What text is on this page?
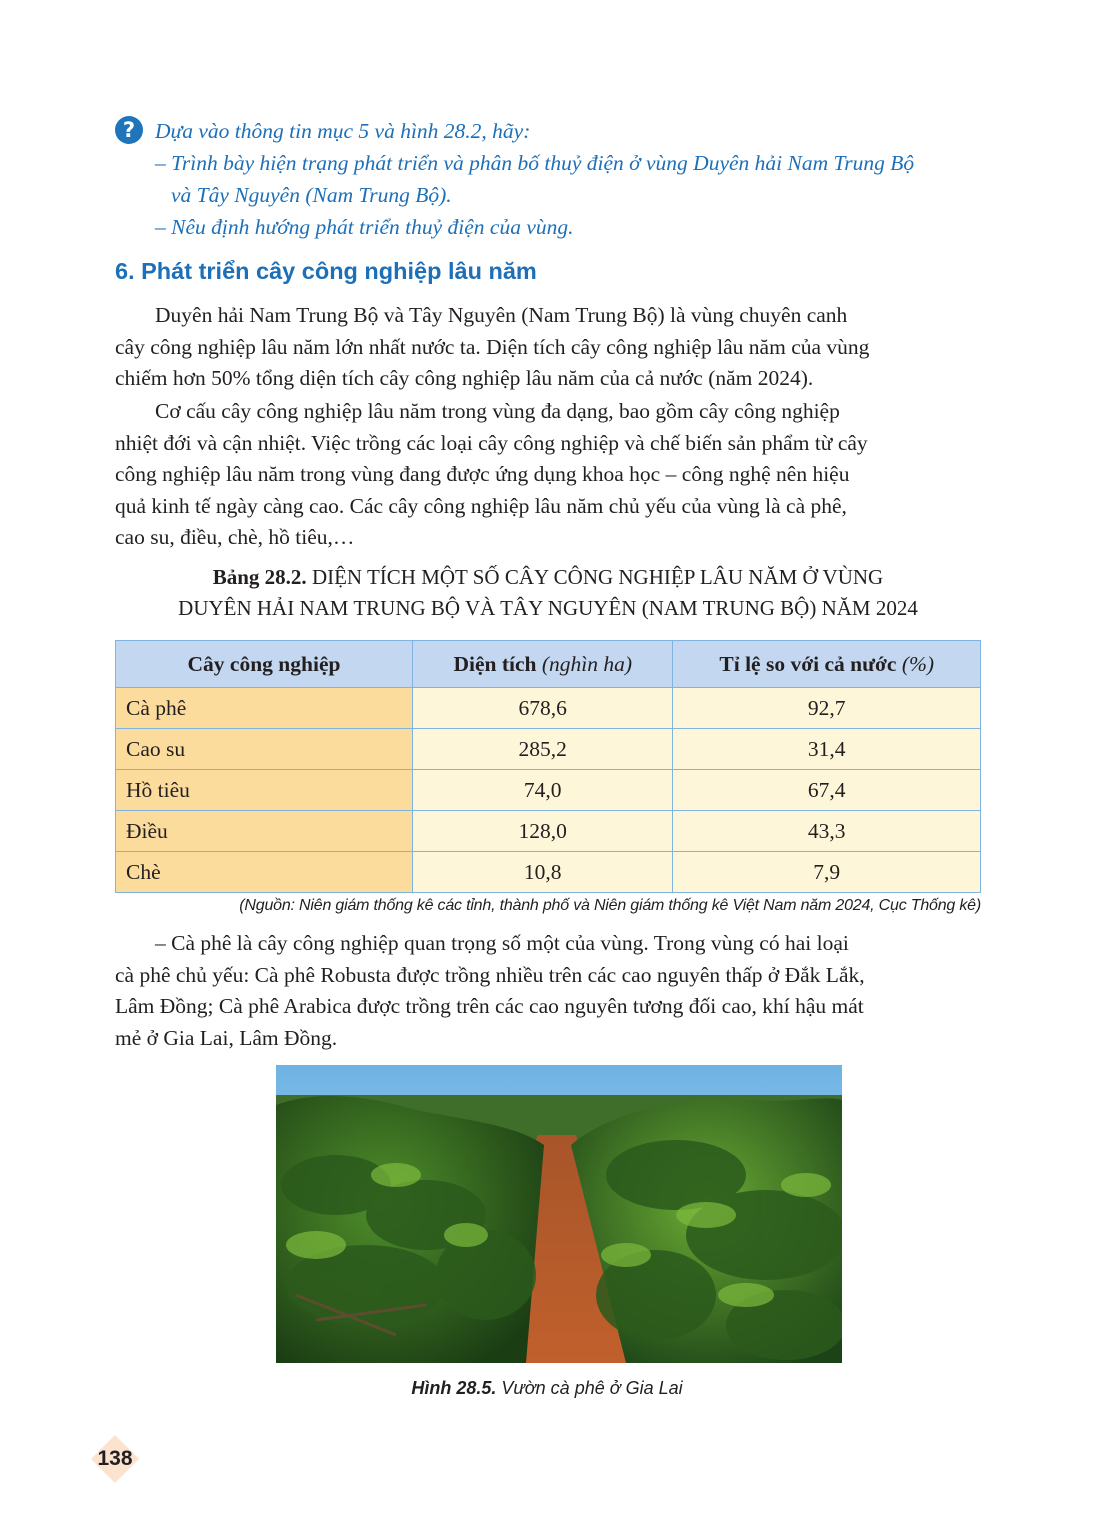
? Dựa vào thông tin mục 5 và hình 28.2, hãy:
– Trình bày hiện trạng phát triển và phân bố thuỷ điện ở vùng Duyên hải Nam Trung Bộ
và Tây Nguyên (Nam Trung Bộ).
– Nêu định hướng phát triển thuỷ điện của vùng.
6. Phát triển cây công nghiệp lâu năm
Duyên hải Nam Trung Bộ và Tây Nguyên (Nam Trung Bộ) là vùng chuyên canh
cây công nghiệp lâu năm lớn nhất nước ta. Diện tích cây công nghiệp lâu năm của vùng
chiếm hơn 50% tổng diện tích cây công nghiệp lâu năm của cả nước (năm 2024).
Cơ cấu cây công nghiệp lâu năm trong vùng đa dạng, bao gồm cây công nghiệp
nhiệt đới và cận nhiệt. Việc trồng các loại cây công nghiệp và chế biến sản phẩm từ cây
công nghiệp lâu năm trong vùng đang được ứng dụng khoa học – công nghệ nên hiệu
quả kinh tế ngày càng cao. Các cây công nghiệp lâu năm chủ yếu của vùng là cà phê,
cao su, điều, chè, hồ tiêu,…
Bảng 28.2. DIỆN TÍCH MỘT SỐ CÂY CÔNG NGHIỆP LÂU NĂM Ở VÙNG
DUYÊN HẢI NAM TRUNG BỘ VÀ TÂY NGUYÊN (NAM TRUNG BỘ) NĂM 2024
Cây công nghiệp	Diện tích (nghìn ha)	Tỉ lệ so với cả nước (%)
Cà phê	678,6	92,7
Cao su	285,2	31,4
Hồ tiêu	74,0	67,4
Điều	128,0	43,3
Chè	10,8	7,9
(Nguồn: Niên giám thống kê các tỉnh, thành phố và Niên giám thống kê Việt Nam năm 2024, Cục Thống kê)
– Cà phê là cây công nghiệp quan trọng số một của vùng. Trong vùng có hai loại
cà phê chủ yếu: Cà phê Robusta được trồng nhiều trên các cao nguyên thấp ở Đắk Lắk,
Lâm Đồng; Cà phê Arabica được trồng trên các cao nguyên tương đối cao, khí hậu mát
mẻ ở Gia Lai, Lâm Đồng.
Hình 28.5. Vườn cà phê ở Gia Lai
138
